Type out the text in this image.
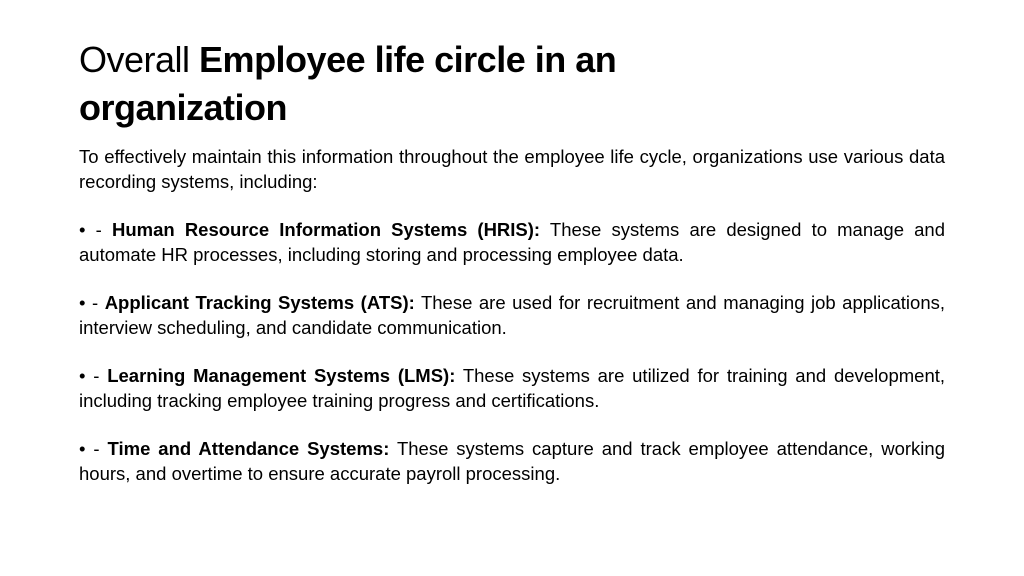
Overall Employee life circle in an organization

To effectively maintain this information throughout the employee life cycle, organizations use various data recording systems, including:

• - Human Resource Information Systems (HRIS): These systems are designed to manage and automate HR processes, including storing and processing employee data.

• - Applicant Tracking Systems (ATS): These are used for recruitment and managing job applications, interview scheduling, and candidate communication.

• - Learning Management Systems (LMS): These systems are utilized for training and development, including tracking employee training progress and certifications.

• - Time and Attendance Systems: These systems capture and track employee attendance, working hours, and overtime to ensure accurate payroll processing.
